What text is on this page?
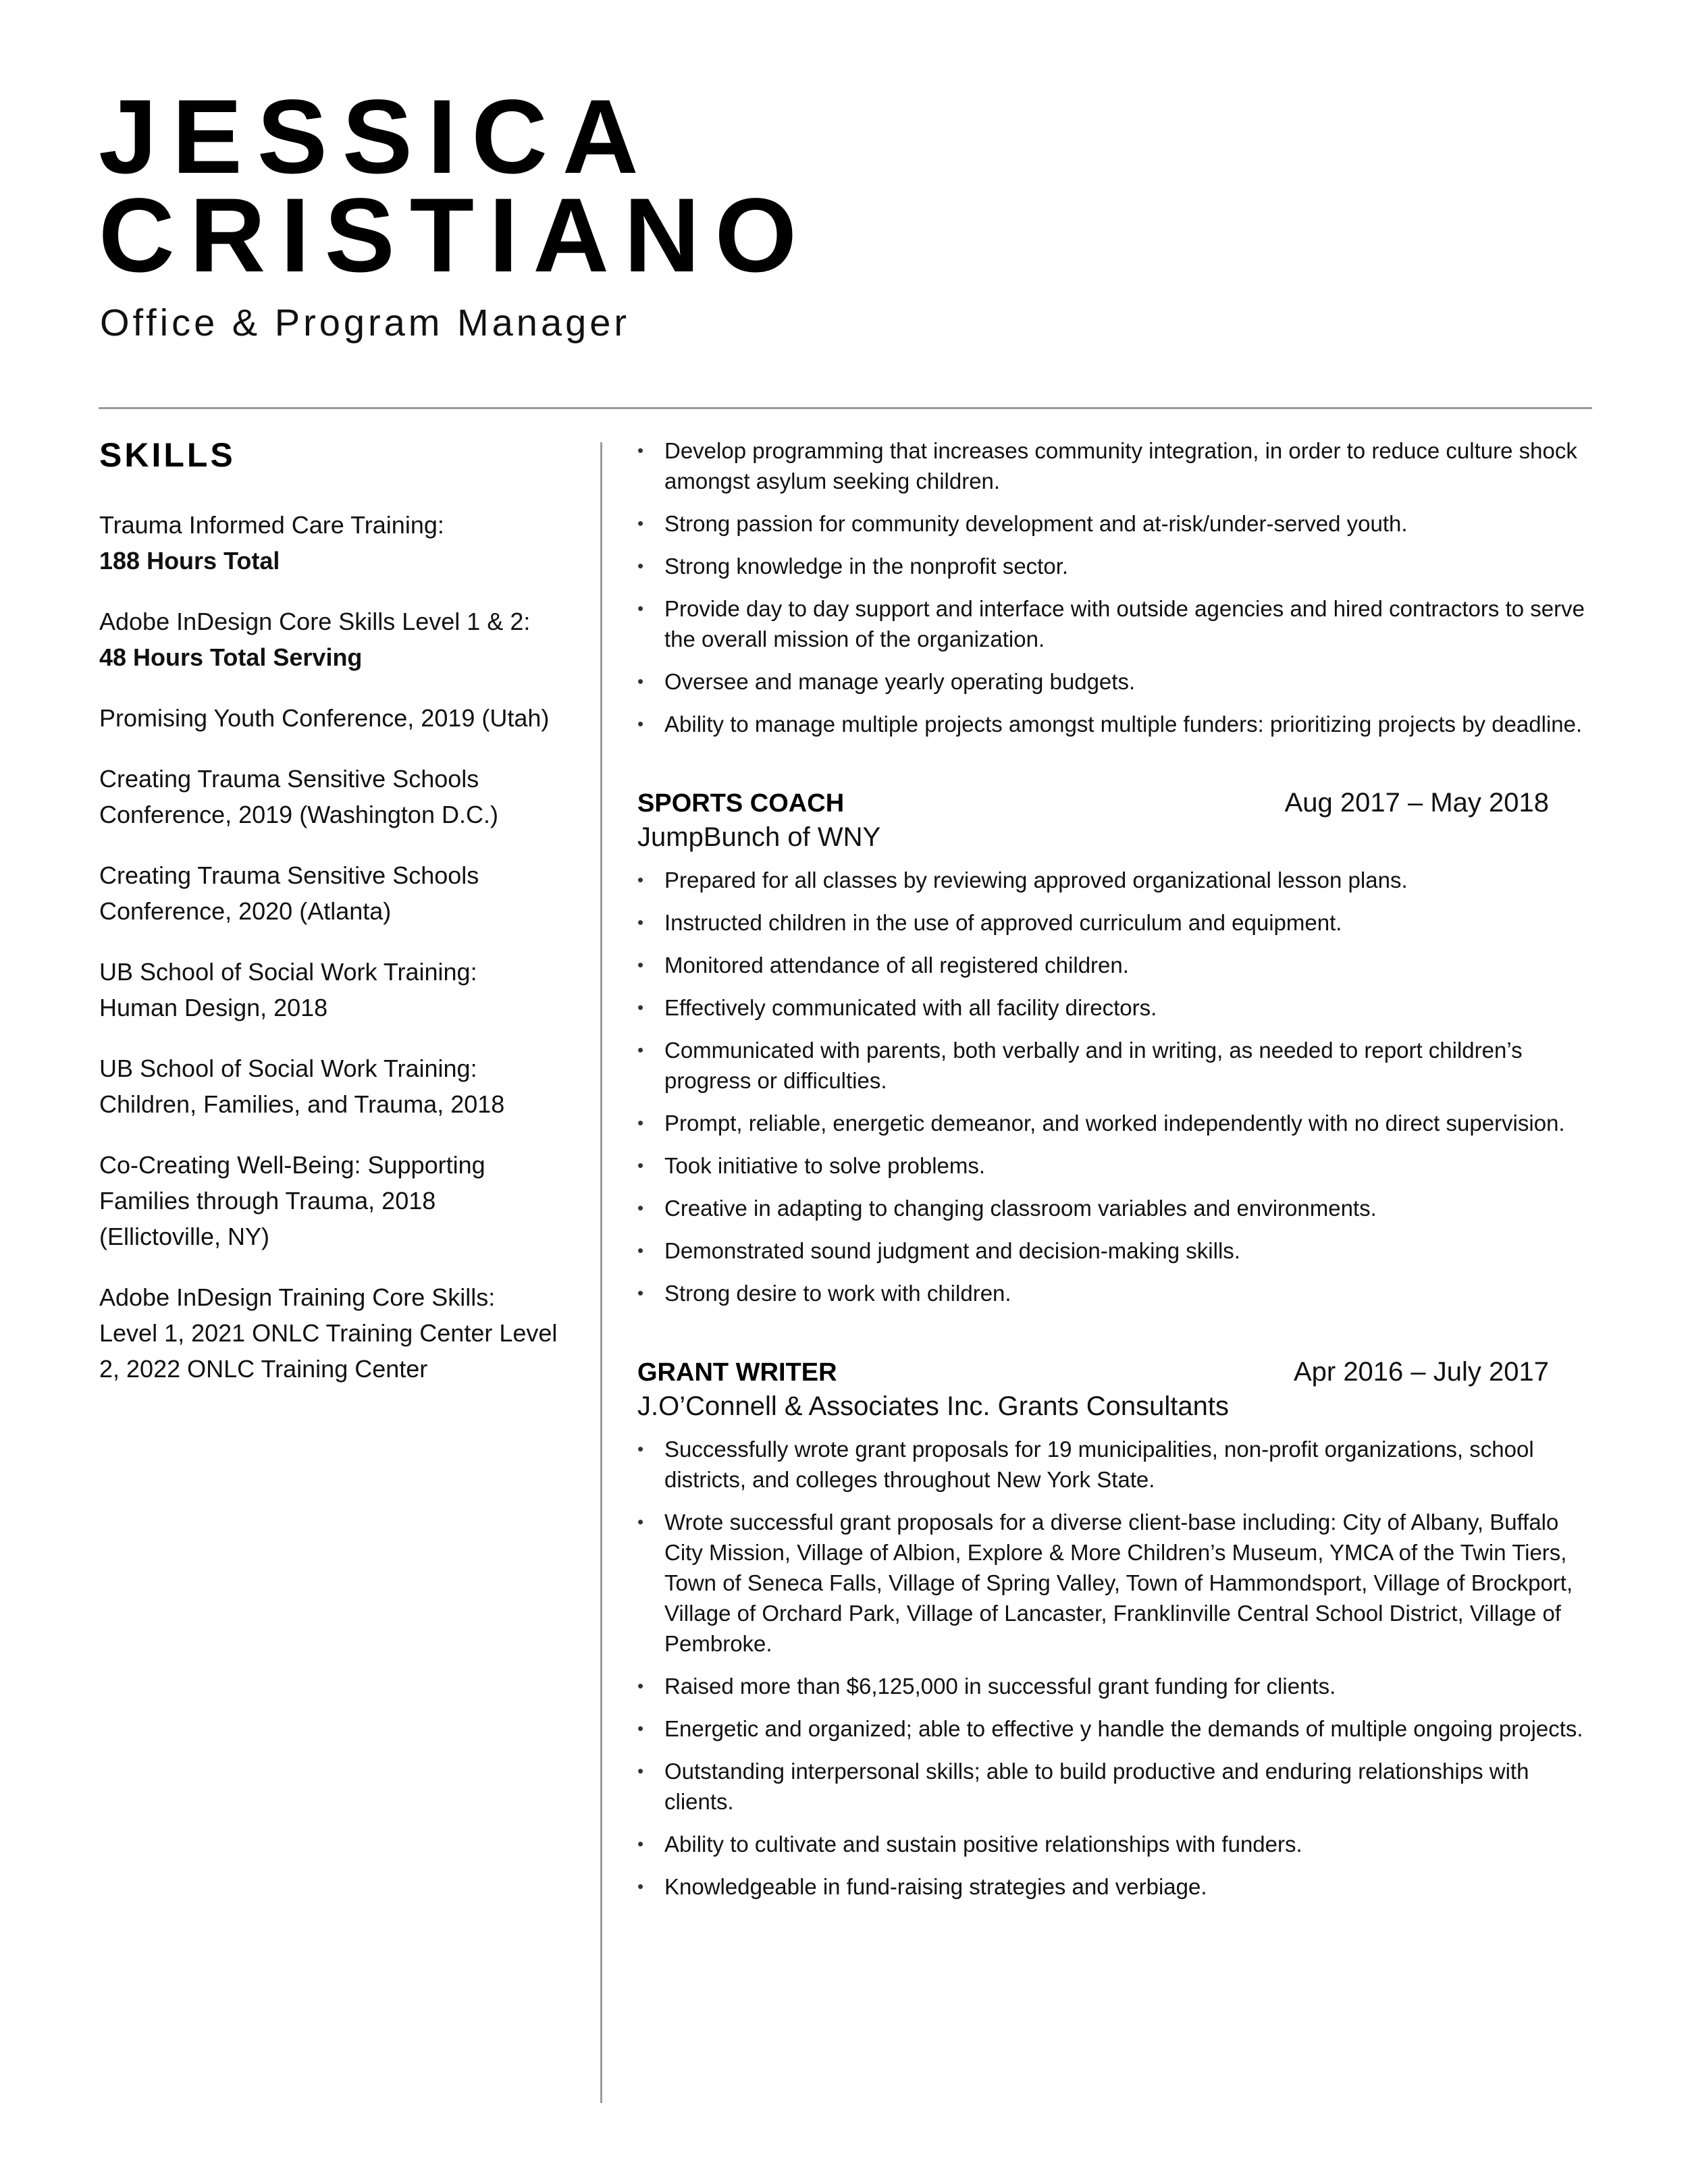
JESSICA
CRISTIANO
Office & Program Manager
SKILLS

Trauma Informed Care Training:
188 Hours Total

Adobe InDesign Core Skills Level 1 & 2: 48 Hours Total Serving

Promising Youth Conference, 2019 (Utah)

Creating Trauma Sensitive Schools Conference, 2019 (Washington D.C.)

Creating Trauma Sensitive Schools Conference, 2020 (Atlanta)

UB School of Social Work Training: Human Design, 2018

UB School of Social Work Training: Children, Families, and Trauma, 2018

Co-Creating Well-Being: Supporting Families through Trauma, 2018 (Ellictoville, NY)

Adobe InDesign Training Core Skills: Level 1, 2021 ONLC Training Center Level 2, 2022 ONLC Training Center

• Develop programming that increases community integration, in order to reduce culture shock amongst asylum seeking children.
• Strong passion for community development and at-risk/under-served youth.
• Strong knowledge in the nonprofit sector.
• Provide day to day support and interface with outside agencies and hired contractors to serve the overall mission of the organization.
• Oversee and manage yearly operating budgets.
• Ability to manage multiple projects amongst multiple funders: prioritizing projects by deadline.
SPORTS COACH	Aug 2017 – May 2018
JumpBunch of WNY
• Prepared for all classes by reviewing approved organizational lesson plans.
• Instructed children in the use of approved curriculum and equipment.
• Monitored attendance of all registered children.
• Effectively communicated with all facility directors.
• Communicated with parents, both verbally and in writing, as needed to report children’s progress or difficulties.
• Prompt, reliable, energetic demeanor, and worked independently with no direct supervision.
• Took initiative to solve problems.
• Creative in adapting to changing classroom variables and environments.
• Demonstrated sound judgment and decision-making skills.
• Strong desire to work with children.
GRANT WRITER	Apr 2016 – July 2017
J.O’Connell & Associates Inc. Grants Consultants
• Successfully wrote grant proposals for 19 municipalities, non-profit organizations, school districts, and colleges throughout New York State.
• Wrote successful grant proposals for a diverse client-base including: City of Albany, Buffalo City Mission, Village of Albion, Explore & More Children’s Museum, YMCA of the Twin Tiers, Town of Seneca Falls, Village of Spring Valley, Town of Hammondsport, Village of Brockport, Village of Orchard Park, Village of Lancaster, Franklinville Central School District, Village of Pembroke.
• Raised more than $6,125,000 in successful grant funding for clients.
• Energetic and organized; able to effective y handle the demands of multiple ongoing projects.
• Outstanding interpersonal skills; able to build productive and enduring relationships with clients.
• Ability to cultivate and sustain positive relationships with funders.
• Knowledgeable in fund-raising strategies and verbiage.
